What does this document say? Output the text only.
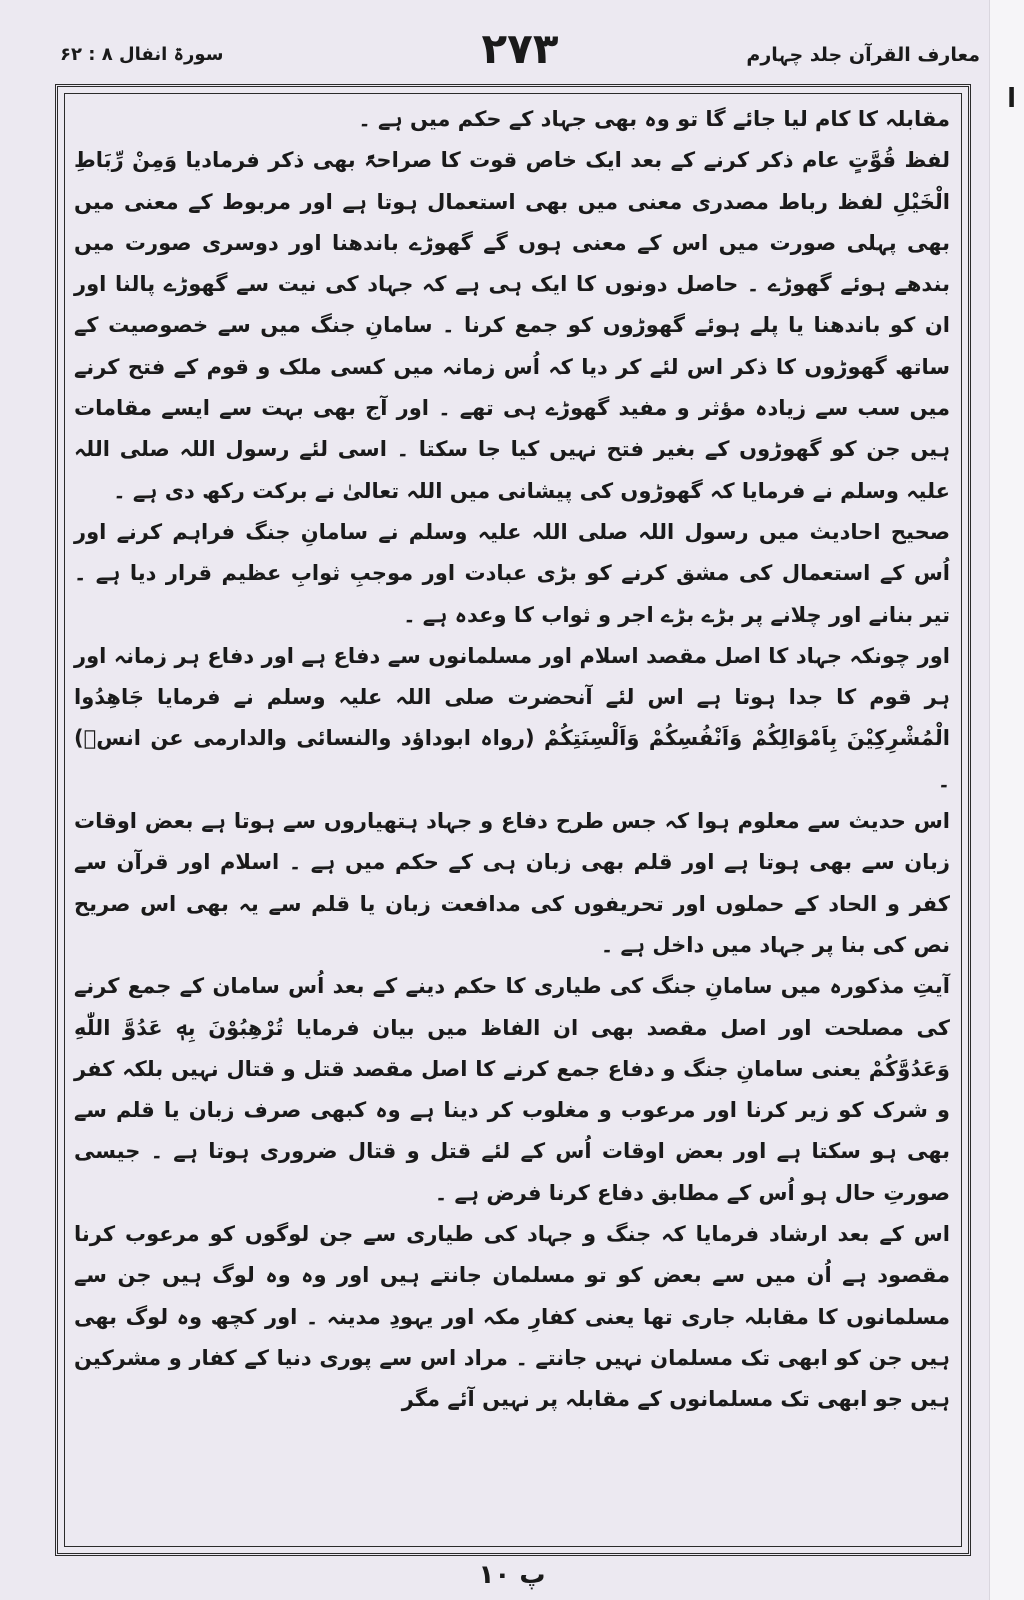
ا
معارف القرآن جلد چہارم
۲۷۳
سورۃ انفال ۸ : ۶۲

مقابلہ کا کام لیا جائے گا تو وہ بھی جہاد کے حکم میں ہے ۔

لفظ قُوَّتٍ عام ذکر کرنے کے بعد ایک خاص قوت کا صراحۃً بھی ذکر فرمادیا وَمِنْ رِّبَاطِ الْخَيْلِ لفظ رباط مصدری معنی میں بھی استعمال ہوتا ہے اور مربوط کے معنی میں بھی پہلی صورت میں اس کے معنی ہوں گے گھوڑے باندھنا اور دوسری صورت میں بندھے ہوئے گھوڑے ۔ حاصل دونوں کا ایک ہی ہے کہ جہاد کی نیت سے گھوڑے پالنا اور ان کو باندھنا یا پلے ہوئے گھوڑوں کو جمع کرنا ۔ سامانِ جنگ میں سے خصوصیت کے ساتھ گھوڑوں کا ذکر اس لئے کر دیا کہ اُس زمانہ میں کسی ملک و قوم کے فتح کرنے میں سب سے زیادہ مؤثر و مفید گھوڑے ہی تھے ۔ اور آج بھی بہت سے ایسے مقامات ہیں جن کو گھوڑوں کے بغیر فتح نہیں کیا جا سکتا ۔ اسی لئے رسول اللہ صلی اللہ علیہ وسلم نے فرمایا کہ گھوڑوں کی پیشانی میں اللہ تعالیٰ نے برکت رکھ دی ہے ۔

صحیح احادیث میں رسول اللہ صلی اللہ علیہ وسلم نے سامانِ جنگ فراہم کرنے اور اُس کے استعمال کی مشق کرنے کو بڑی عبادت اور موجبِ ثوابِ عظیم قرار دیا ہے ۔ تیر بنانے اور چلانے پر بڑے بڑے اجر و ثواب کا وعدہ ہے ۔

اور چونکہ جہاد کا اصل مقصد اسلام اور مسلمانوں سے دفاع ہے اور دفاع ہر زمانہ اور ہر قوم کا جدا ہوتا ہے اس لئے آنحضرت صلی اللہ علیہ وسلم نے فرمایا جَاهِدُوا الْمُشْرِكِيْنَ بِاَمْوَالِكُمْ وَاَنْفُسِكُمْ وَاَلْسِنَتِكُمْ (رواہ ابوداؤد والنسائی والدارمی عن انسؓ) ۔

اس حدیث سے معلوم ہوا کہ جس طرح دفاع و جہاد ہتھیاروں سے ہوتا ہے بعض اوقات زبان سے بھی ہوتا ہے اور قلم بھی زبان ہی کے حکم میں ہے ۔ اسلام اور قرآن سے کفر و الحاد کے حملوں اور تحریفوں کی مدافعت زبان یا قلم سے یہ بھی اس صریح نص کی بنا پر جہاد میں داخل ہے ۔

آیتِ مذکورہ میں سامانِ جنگ کی طیاری کا حکم دینے کے بعد اُس سامان کے جمع کرنے کی مصلحت اور اصل مقصد بھی ان الفاظ میں بیان فرمایا تُرْهِبُوْنَ بِهٖ عَدُوَّ اللّٰهِ وَعَدُوَّكُمْ یعنی سامانِ جنگ و دفاع جمع کرنے کا اصل مقصد قتل و قتال نہیں بلکہ کفر و شرک کو زیر کرنا اور مرعوب و مغلوب کر دینا ہے وہ کبھی صرف زبان یا قلم سے بھی ہو سکتا ہے اور بعض اوقات اُس کے لئے قتل و قتال ضروری ہوتا ہے ۔ جیسی صورتِ حال ہو اُس کے مطابق دفاع کرنا فرض ہے ۔

اس کے بعد ارشاد فرمایا کہ جنگ و جہاد کی طیاری سے جن لوگوں کو مرعوب کرنا مقصود ہے اُن میں سے بعض کو تو مسلمان جانتے ہیں اور وہ وہ لوگ ہیں جن سے مسلمانوں کا مقابلہ جاری تھا یعنی کفارِ مکہ اور یہودِ مدینہ ۔ اور کچھ وہ لوگ بھی ہیں جن کو ابھی تک مسلمان نہیں جانتے ۔ مراد اس سے پوری دنیا کے کفار و مشرکین ہیں جو ابھی تک مسلمانوں کے مقابلہ پر نہیں آئے مگر

پ ۱۰
